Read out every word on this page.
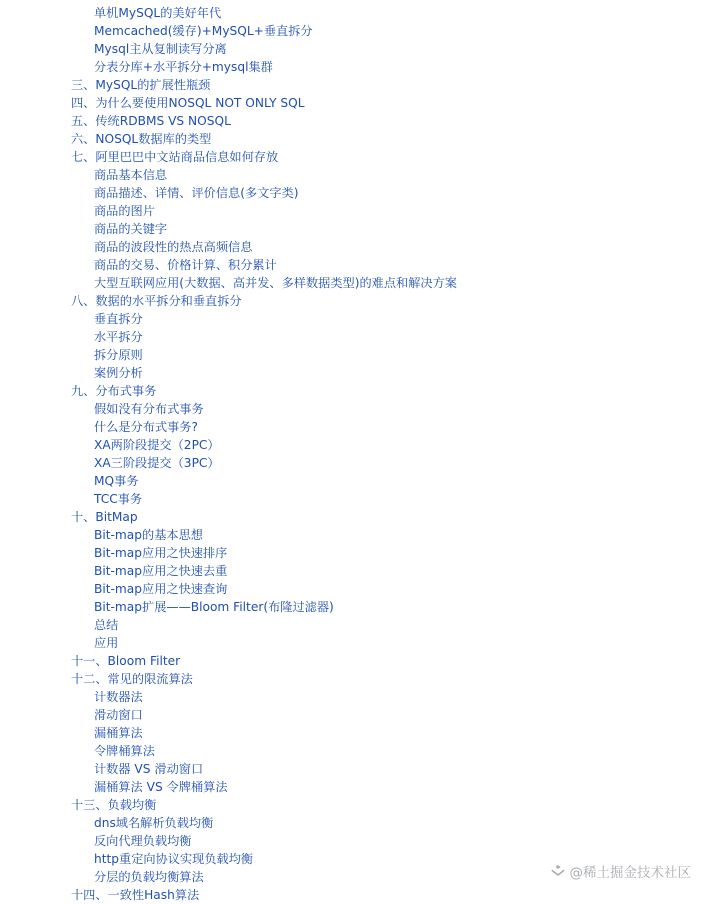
单机MySQL的美好年代
Memcached(缓存)+MySQL+垂直拆分
Mysql主从复制读写分离
分表分库+水平拆分+mysql集群
三、MySQL的扩展性瓶颈
四、为什么要使用NOSQL NOT ONLY SQL
五、传统RDBMS VS NOSQL
六、NOSQL数据库的类型
七、阿里巴巴中文站商品信息如何存放
商品基本信息
商品描述、详情、评价信息(多文字类)
商品的图片
商品的关键字
商品的波段性的热点高频信息
商品的交易、价格计算、积分累计
大型互联网应用(大数据、高并发、多样数据类型)的难点和解决方案
八、数据的水平拆分和垂直拆分
垂直拆分
水平拆分
拆分原则
案例分析
九、分布式事务
假如没有分布式事务
什么是分布式事务?
XA两阶段提交（2PC）
XA三阶段提交（3PC）
MQ事务
TCC事务
十、BitMap
Bit-map的基本思想
Bit-map应用之快速排序
Bit-map应用之快速去重
Bit-map应用之快速查询
Bit-map扩展——Bloom Filter(布隆过滤器)
总结
应用
十一、Bloom Filter
十二、常见的限流算法
计数器法
滑动窗口
漏桶算法
令牌桶算法
计数器 VS 滑动窗口
漏桶算法 VS 令牌桶算法
十三、负载均衡
dns域名解析负载均衡
反向代理负载均衡
http重定向协议实现负载均衡
分层的负载均衡算法
十四、一致性Hash算法
@稀土掘金技术社区
